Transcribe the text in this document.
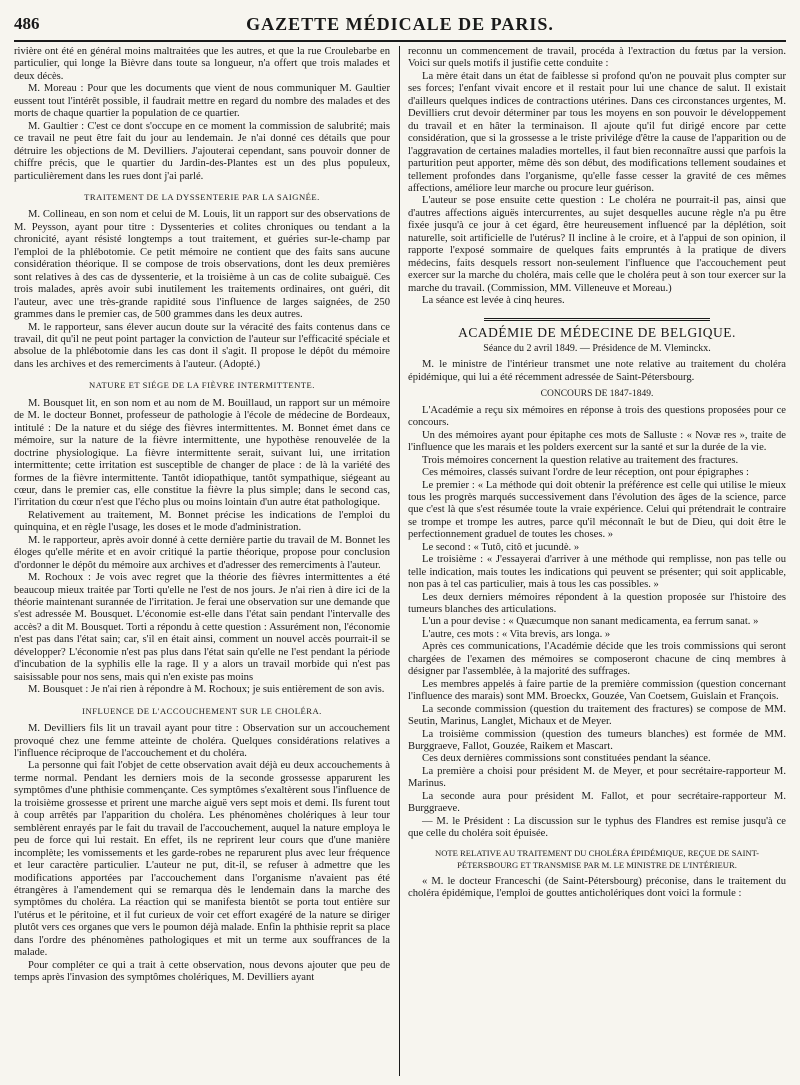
486	GAZETTE MÉDICALE DE PARIS.

rivière ont été en général moins maltraitées que les autres, et que la rue Croulebarbe en particulier, qui longe la Bièvre dans toute sa longueur, n'a offert que trois malades et deux décès.

M. Moreau : Pour que les documents que vient de nous communiquer M. Gaultier eussent tout l'intérêt possible, il faudrait mettre en regard du nombre des malades et des morts de chaque quartier la population de ce quartier.

M. Gaultier : C'est ce dont s'occupe en ce moment la commission de salubrité; mais ce travail ne peut être fait du jour au lendemain. Je n'ai donné ces détails que pour détruire les objections de M. Devilliers. J'ajouterai cependant, sans pouvoir donner de chiffre précis, que le quartier du Jardin-des-Plantes est un des plus populeux, particulièrement dans les rues dont j'ai parlé.

TRAITEMENT DE LA DYSSENTERIE PAR LA SAIGNÉE.

M. Collineau, en son nom et celui de M. Louis, lit un rapport sur des observations de M. Peysson, ayant pour titre : Dyssenteries et colites chroniques ou tendant a la chronicité, ayant résisté longtemps a tout traitement, et guéries sur-le-champ par l'emploi de la phlébotomie. Ce petit mémoire ne contient que des faits sans aucune considération théorique. Il se compose de trois observations, dont les deux premières sont relatives à des cas de dyssenterie, et la troisième à un cas de colite subaiguë. Ces trois malades, après avoir subi inutilement les traitements ordinaires, ont guéri, dit l'auteur, avec une très-grande rapidité sous l'influence de larges saignées, de 250 grammes dans le premier cas, de 500 grammes dans les deux autres.

M. le rapporteur, sans élever aucun doute sur la véracité des faits contenus dans ce travail, dit qu'il ne peut point partager la conviction de l'auteur sur l'efficacité spéciale et absolue de la phlébotomie dans les cas dont il s'agit. Il propose le dépôt du mémoire dans les archives et des remerciments à l'auteur. (Adopté.)

NATURE ET SIÉGE DE LA FIÈVRE INTERMITTENTE.

M. Bousquet lit, en son nom et au nom de M. Bouillaud, un rapport sur un mémoire de M. le docteur Bonnet, professeur de pathologie à l'école de médecine de Bordeaux, intitulé : De la nature et du siége des fièvres intermittentes. M. Bonnet émet dans ce mémoire, sur la nature de la fièvre intermittente, une hypothèse renouvelée de la doctrine physiologique. La fièvre intermittente serait, suivant lui, une irritation intermittente; cette irritation est susceptible de changer de place : de là la variété des formes de la fièvre intermittente. Tantôt idiopathique, tantôt sympathique, siégeant au cœur, dans le premier cas, elle constitue la fièvre la plus simple; dans le second cas, l'irritation du cœur n'est que l'écho plus ou moins lointain d'un autre état pathologique.

Relativement au traitement, M. Bonnet précise les indications de l'emploi du quinquina, et en règle l'usage, les doses et le mode d'administration.

M. le rapporteur, après avoir donné à cette dernière partie du travail de M. Bonnet les éloges qu'elle mérite et en avoir critiqué la partie théorique, propose pour conclusion d'ordonner le dépôt du mémoire aux archives et d'adresser des remerciments à l'auteur.

M. Rochoux : Je vois avec regret que la théorie des fièvres intermittentes a été beaucoup mieux traitée par Torti qu'elle ne l'est de nos jours. Je n'ai rien à dire ici de la théorie maintenant surannée de l'irritation. Je ferai une observation sur une demande que s'est adressée M. Bousquet. L'économie est-elle dans l'état sain pendant l'intervalle des accès? a dit M. Bousquet. Torti a répondu à cette question : Assurément non, l'économie n'est pas dans l'état sain; car, s'il en était ainsi, comment un nouvel accès pourrait-il se développer? L'économie n'est pas plus dans l'état sain qu'elle ne l'est pendant la période d'incubation de la syphilis elle la rage. Il y a alors un travail morbide qui n'est pas saisissable pour nos sens, mais qui n'en existe pas moins

M. Bousquet : Je n'ai rien à répondre à M. Rochoux; je suis entièrement de son avis.

INFLUENCE DE L'ACCOUCHEMENT SUR LE CHOLÉRA.

M. Devilliers fils lit un travail ayant pour titre : Observation sur un accouchement provoqué chez une femme atteinte de choléra. Quelques considérations relatives a l'influence réciproque de l'accouchement et du choléra.

La personne qui fait l'objet de cette observation avait déjà eu deux accouchements à terme normal. Pendant les derniers mois de la seconde grossesse apparurent les symptômes d'une phthisie commençante. Ces symptômes s'exaltèrent sous l'influence de la troisième grossesse et prirent une marche aiguë vers sept mois et demi. Ils furent tout à coup arrêtés par l'apparition du choléra. Les phénomènes cholériques à leur tour semblèrent enrayés par le fait du travail de l'accouchement, auquel la nature employa le peu de force qui lui restait. En effet, ils ne reprirent leur cours que d'une manière incomplète; les vomissements et les garde-robes ne reparurent plus avec leur fréquence et leur caractère particulier. L'auteur ne put, dit-il, se refuser à admettre que les modifications apportées par l'accouchement dans l'organisme n'avaient pas été étrangères à l'amendement qui se remarqua dès le lendemain dans la marche des symptômes du choléra. La réaction qui se manifesta bientôt se porta tout entière sur l'utérus et le péritoine, et il fut curieux de voir cet effort exagéré de la nature se diriger plutôt vers ces organes que vers le poumon déjà malade. Enfin la phthisie reprit sa place dans l'ordre des phénomènes pathologiques et mit un terme aux souffrances de la malade.

Pour compléter ce qui a trait à cette observation, nous devons ajouter que peu de temps après l'invasion des symptômes cholériques, M. Devilliers ayant

reconnu un commencement de travail, procéda à l'extraction du fœtus par la version. Voici sur quels motifs il justifie cette conduite :

La mère était dans un état de faiblesse si profond qu'on ne pouvait plus compter sur ses forces; l'enfant vivait encore et il restait pour lui une chance de salut. Il existait d'ailleurs quelques indices de contractions utérines. Dans ces circonstances urgentes, M. Devilliers crut devoir déterminer par tous les moyens en son pouvoir le développement du travail et en hâter la terminaison. Il ajoute qu'il fut dirigé encore par cette considération, que si la grossesse a le triste privilége d'être la cause de l'apparition ou de l'aggravation de certaines maladies mortelles, il faut bien reconnaître aussi que parfois la parturition peut apporter, même dès son début, des modifications tellement soudaines et tellement profondes dans l'organisme, qu'elle fasse cesser la gravité de ces mêmes affections, améliore leur marche ou procure leur guérison.

L'auteur se pose ensuite cette question : Le choléra ne pourrait-il pas, ainsi que d'autres affections aiguës intercurrentes, au sujet desquelles aucune règle n'a pu être fixée jusqu'à ce jour à cet égard, être heureusement influencé par la déplétion, soit naturelle, soit artificielle de l'utérus? Il incline à le croire, et à l'appui de son opinion, il rapporte l'exposé sommaire de quelques faits empruntés à la pratique de divers médecins, faits desquels ressort non-seulement l'influence que l'accouchement peut exercer sur la marche du choléra, mais celle que le choléra peut à son tour exercer sur la marche du travail. (Commission, MM. Villeneuve et Moreau.)

La séance est levée à cinq heures.

ACADÉMIE DE MÉDECINE DE BELGIQUE.
Séance du 2 avril 1849. — Présidence de M. Vleminckx.

M. le ministre de l'intérieur transmet une note relative au traitement du choléra épidémique, qui lui a été récemment adressée de Saint-Pétersbourg.

CONCOURS DE 1847-1849.

L'Académie a reçu six mémoires en réponse à trois des questions proposées pour ce concours.

Un des mémoires ayant pour épitaphe ces mots de Salluste : « Novæ res », traite de l'influence que les marais et les polders exercent sur la santé et sur la durée de la vie.

Trois mémoires concernent la question relative au traitement des fractures.

Ces mémoires, classés suivant l'ordre de leur réception, ont pour épigraphes :

Le premier : « La méthode qui doit obtenir la préférence est celle qui utilise le mieux tous les progrès marqués successivement dans l'évolution des âges de la science, parce que c'est là que s'est résumée toute la vraie expérience. Celui qui prétendrait le contraire se trompe et trompe les autres, parce qu'il méconnaît le but de Dieu, qui doit être le perfectionnement graduel de toutes les choses. »

Le second : « Tutô, citô et jucundè. »

Le troisième : « J'essayerai d'arriver à une méthode qui remplisse, non pas telle ou telle indication, mais toutes les indications qui peuvent se présenter; qui soit applicable, non pas à tel cas particulier, mais à tous les cas possibles. »

Les deux derniers mémoires répondent à la question proposée sur l'histoire des tumeurs blanches des articulations.

L'un a pour devise : « Quæcumque non sanant medicamenta, ea ferrum sanat. »

L'autre, ces mots : « Vita brevis, ars longa. »

Après ces communications, l'Académie décide que les trois commissions qui seront chargées de l'examen des mémoires se composeront chacune de cinq membres à désigner par l'assemblée, à la majorité des suffrages.

Les membres appelés à faire partie de la première commission (question concernant l'influence des marais) sont MM. Broeckx, Gouzée, Van Coetsem, Guislain et François.

La seconde commission (question du traitement des fractures) se compose de MM. Seutin, Marinus, Langlet, Michaux et de Meyer.

La troisième commission (question des tumeurs blanches) est formée de MM. Burggraeve, Fallot, Gouzée, Raikem et Mascart.

Ces deux dernières commissions sont constituées pendant la séance.

La première a choisi pour président M. de Meyer, et pour secrétaire-rapporteur M. Marinus.

La seconde aura pour président M. Fallot, et pour secrétaire-rapporteur M. Burggraeve.

— M. le Président : La discussion sur le typhus des Flandres est remise jusqu'à ce que celle du choléra soit épuisée.

NOTE RELATIVE AU TRAITEMENT DU CHOLÉRA ÉPIDÉMIQUE, REÇUE DE SAINT-PÉTERSBOURG ET TRANSMISE PAR M. LE MINISTRE DE L'INTÉRIEUR.

« M. le docteur Franceschi (de Saint-Pétersbourg) préconise, dans le traitement du choléra épidémique, l'emploi de gouttes anticholériques dont voici la formule :
